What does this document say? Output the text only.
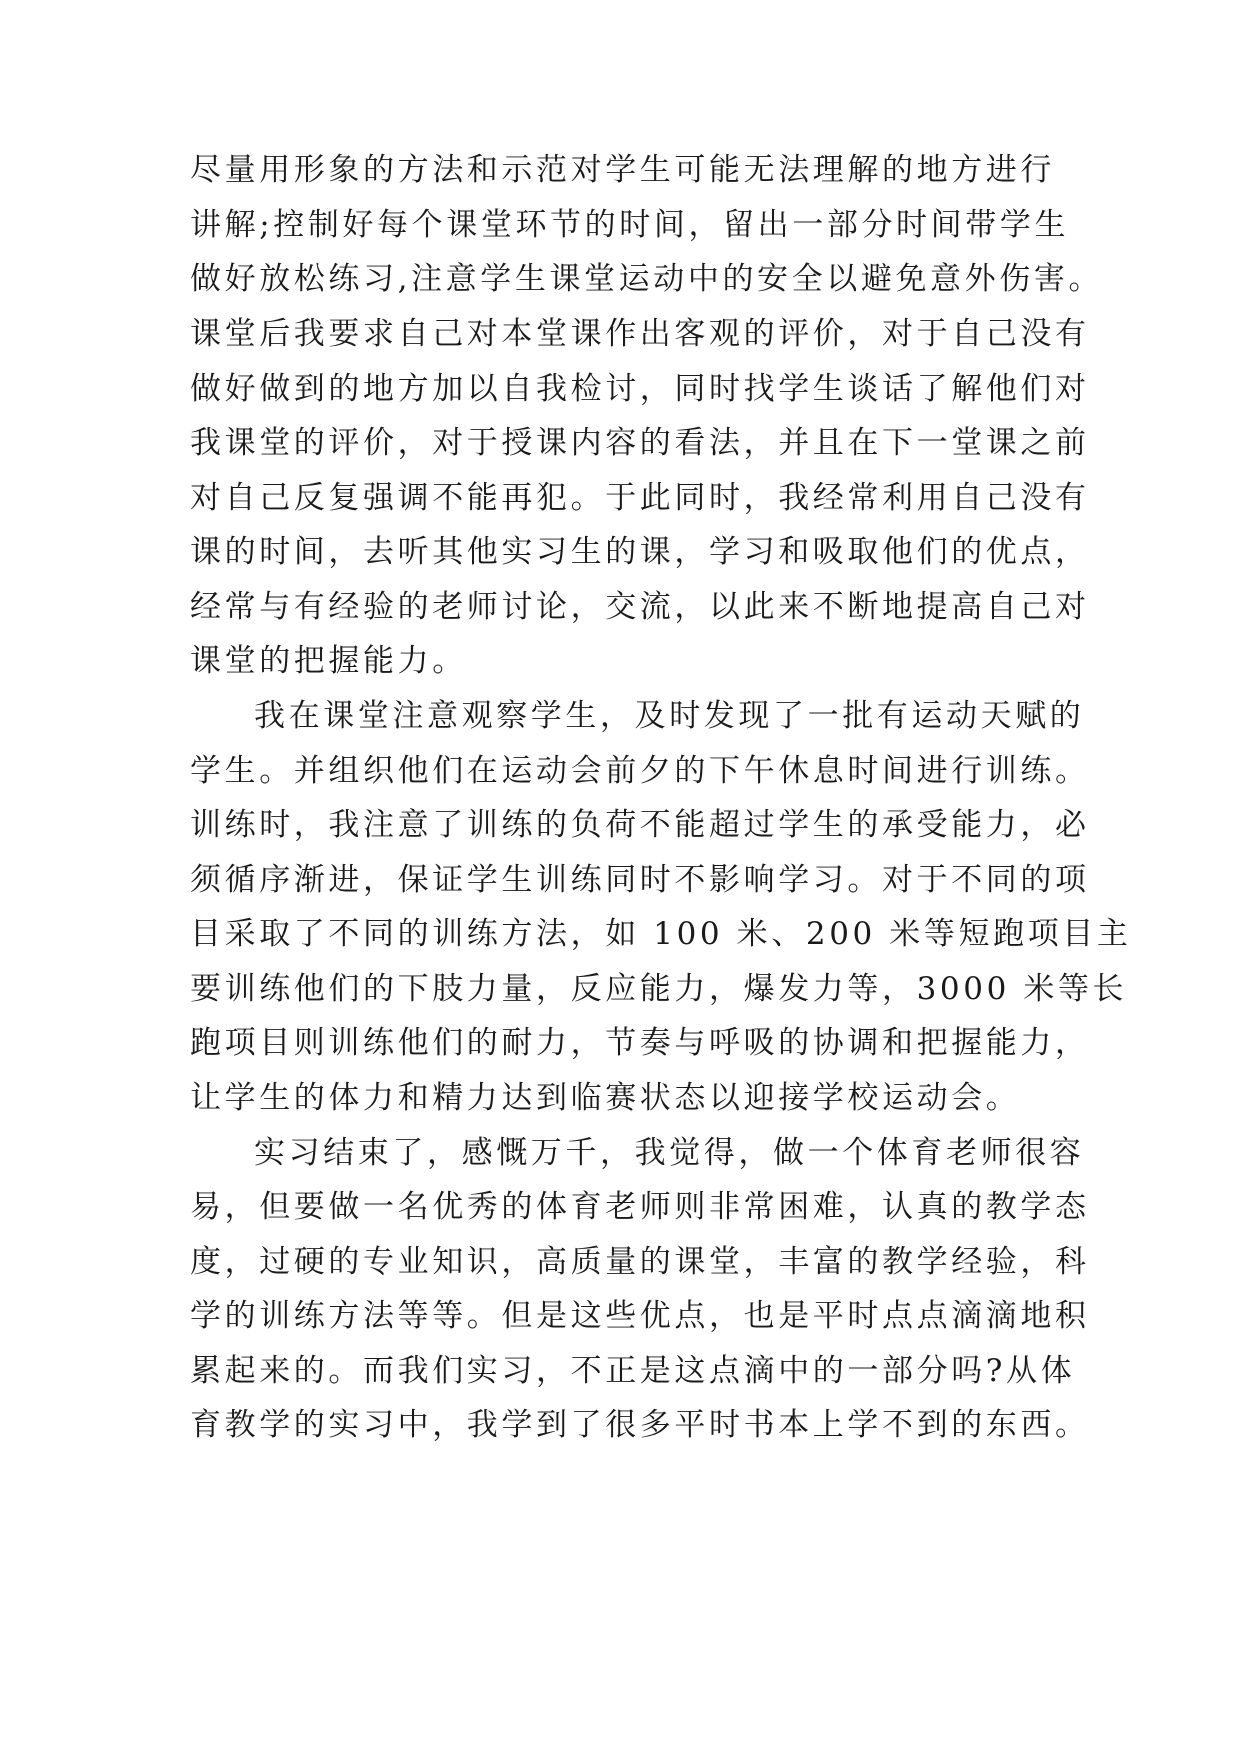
尽量用形象的方法和示范对学生可能无法理解的地方进行
讲解;控制好每个课堂环节的时间，留出一部分时间带学生
做好放松练习,注意学生课堂运动中的安全以避免意外伤害。
课堂后我要求自己对本堂课作出客观的评价，对于自己没有
做好做到的地方加以自我检讨，同时找学生谈话了解他们对
我课堂的评价，对于授课内容的看法，并且在下一堂课之前
对自己反复强调不能再犯。于此同时，我经常利用自己没有
课的时间，去听其他实习生的课，学习和吸取他们的优点，
经常与有经验的老师讨论，交流，以此来不断地提高自己对
课堂的把握能力。
我在课堂注意观察学生，及时发现了一批有运动天赋的
学生。并组织他们在运动会前夕的下午休息时间进行训练。
训练时，我注意了训练的负荷不能超过学生的承受能力，必
须循序渐进，保证学生训练同时不影响学习。对于不同的项
目采取了不同的训练方法，如 100 米、200 米等短跑项目主
要训练他们的下肢力量，反应能力，爆发力等，3000 米等长
跑项目则训练他们的耐力，节奏与呼吸的协调和把握能力，
让学生的体力和精力达到临赛状态以迎接学校运动会。
实习结束了，感慨万千，我觉得，做一个体育老师很容
易，但要做一名优秀的体育老师则非常困难，认真的教学态
度，过硬的专业知识，高质量的课堂，丰富的教学经验，科
学的训练方法等等。但是这些优点，也是平时点点滴滴地积
累起来的。而我们实习，不正是这点滴中的一部分吗?从体
育教学的实习中，我学到了很多平时书本上学不到的东西。
